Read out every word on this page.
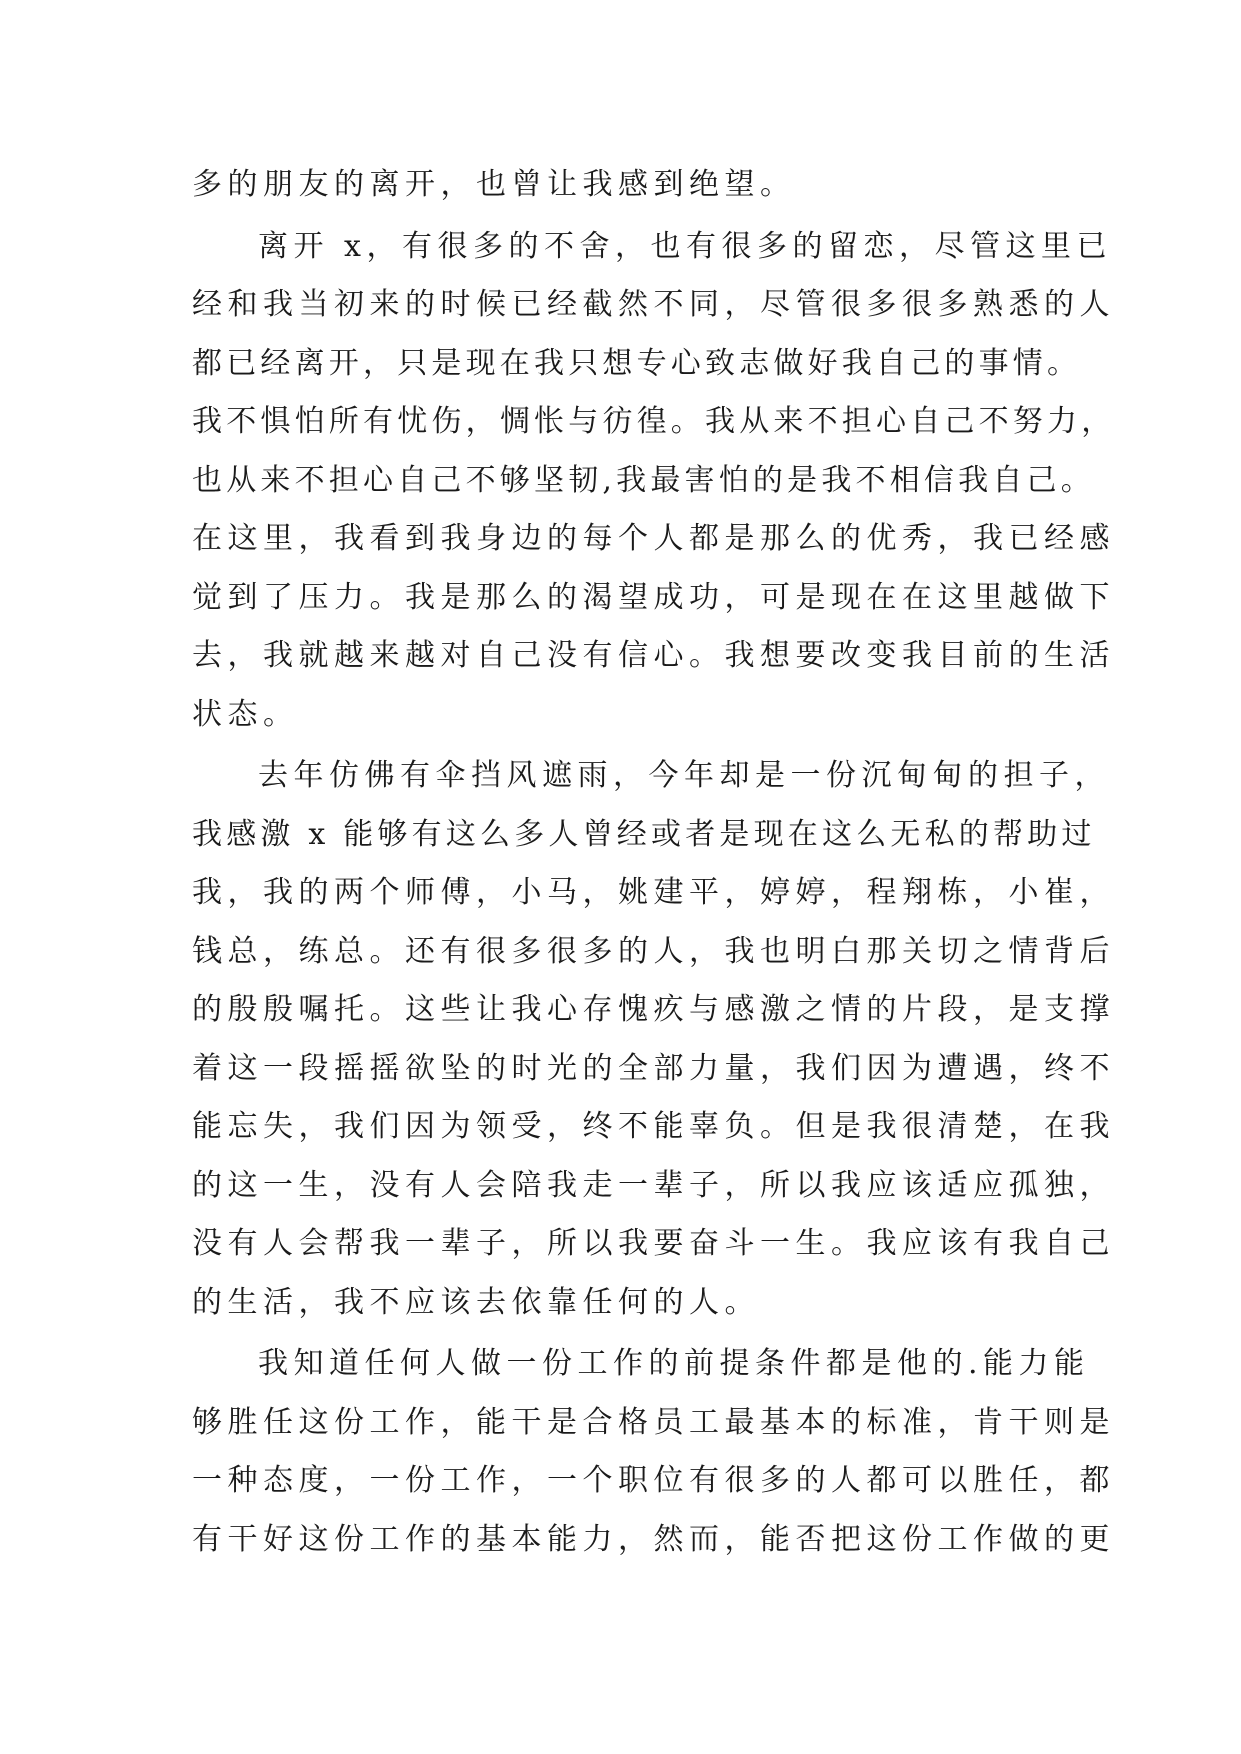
多的朋友的离开，也曾让我感到绝望。
离开 x，有很多的不舍，也有很多的留恋，尽管这里已
经和我当初来的时候已经截然不同，尽管很多很多熟悉的人
都已经离开，只是现在我只想专心致志做好我自己的事情。
我不惧怕所有忧伤，惆怅与彷徨。我从来不担心自己不努力，
也从来不担心自己不够坚韧,我最害怕的是我不相信我自己。
在这里，我看到我身边的每个人都是那么的优秀，我已经感
觉到了压力。我是那么的渴望成功，可是现在在这里越做下
去，我就越来越对自己没有信心。我想要改变我目前的生活
状态。
去年仿佛有伞挡风遮雨，今年却是一份沉甸甸的担子，
我感激 x 能够有这么多人曾经或者是现在这么无私的帮助过
我，我的两个师傅，小马，姚建平，婷婷，程翔栋，小崔，
钱总，练总。还有很多很多的人，我也明白那关切之情背后
的殷殷嘱托。这些让我心存愧疚与感激之情的片段，是支撑
着这一段摇摇欲坠的时光的全部力量，我们因为遭遇，终不
能忘失，我们因为领受，终不能辜负。但是我很清楚，在我
的这一生，没有人会陪我走一辈子，所以我应该适应孤独，
没有人会帮我一辈子，所以我要奋斗一生。我应该有我自己
的生活，我不应该去依靠任何的人。
我知道任何人做一份工作的前提条件都是他的.能力能
够胜任这份工作，能干是合格员工最基本的标准，肯干则是
一种态度，一份工作，一个职位有很多的人都可以胜任，都
有干好这份工作的基本能力，然而，能否把这份工作做的更
